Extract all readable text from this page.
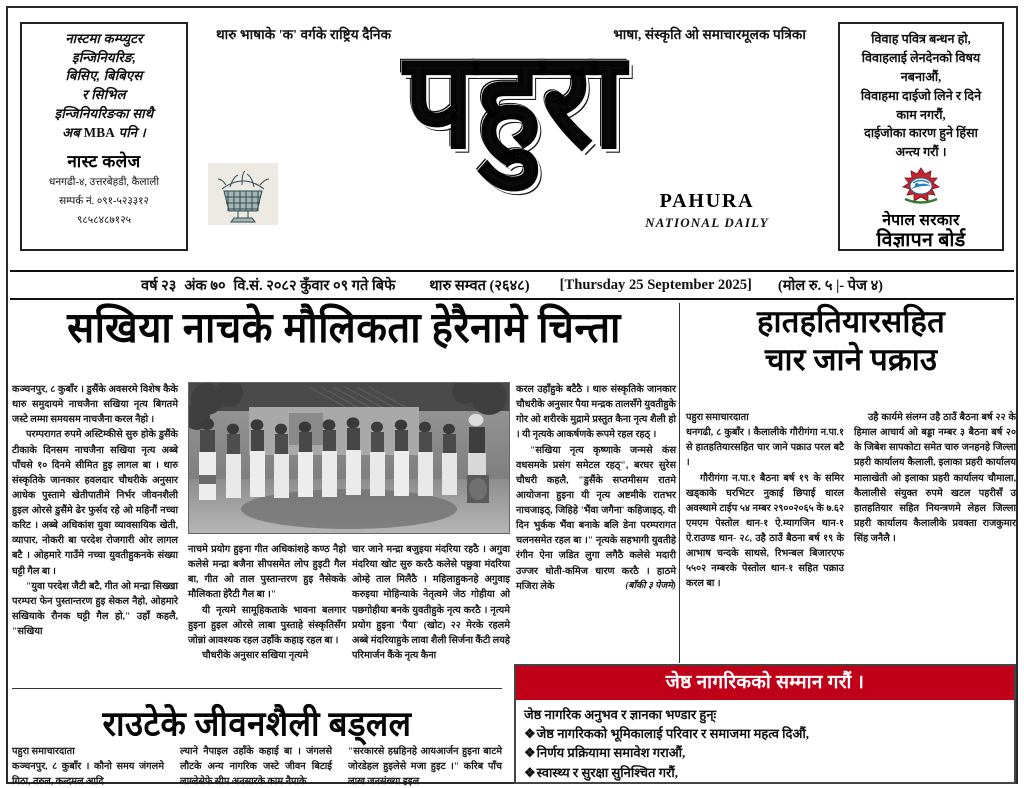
नास्टमा कम्प्युटर
इन्जिनियरिङ,
बिसिए, बिबिएस
र सिभिल
इन्जिनियरिङका साथै
अब MBA पनि ।
नास्ट कलेज
धनगढी-४, उत्तरबेहडी, कैलाली
सम्पर्क नं. ०९१-५२३३१२
९८५८४८७१२५
थारु भाषाके 'क' वर्गके राष्ट्रिय दैनिक	भाषा, संस्कृति ओ समाचारमूलक पत्रिका
पहुरा
PAHURA
NATIONAL DAILY
विवाह पवित्र बन्धन हो,
विवाहलाई लेनदेनको विषय
नबनाऔं,
विवाहमा दाईजो लिने र दिने
काम नगरौं,
दाईजोका कारण हुने हिंसा
अन्त्य गरौं ।
नेपाल सरकार
विज्ञापन बोर्ड
वर्ष २३
अंक ७०
वि.सं. २०८२ कुँवार ०९ गते बिफे थारु सम्वत (२६४८) [Thursday 25 September 2025] (मोल रु. ५ |- पेज ४)
सखिया नाचके मौलिकता हेरैनामे चिन्ता	हातहतियारसहित
चार जाने पक्राउ

कञ्चनपुर, ८ कुबाँर । डुसैंके अवसरमे विशेष कैके थारु समुदायमे नाचजैना सखिया नृत्य बिगतमे जस्टे लम्मा समयसम नाचजैना करल नैहो ।

परम्परागत रुपमे अस्टिम्कीसे सुरु होके डुसैंके टीकाके दिनसम नाचजैना सखिया नृत्य अब्बे पाँचसे १० दिनमे सीमित हुइ लागल बा । थारु संस्कृतिके जानकार हवलदार चौधरीके अनुसार आधेक पुस्तामे खेतीपातीमे निर्भर जीवनशैली हुइल ओरसे डुसैंमे ढेर फुर्सद रहे ओ महिनौं नच्चा करिट । अब्बे अधिकांश युवा व्यावसायिक खेती, व्यापार, नोकरी बा परदेश रोजगारी ओर लागल बटै । ओहमारे गाउँमे नच्चा युवतीहुकनके संख्या घट्टी गैल बा ।

"युवा परदेश जैटी बटै, गीत ओ मन्द्रा सिख्खा परम्परा फेन पुस्तान्तरण हुइ सेकल नैहो, ओहमारे सखियाके रौनक घट्टी गैल हो," उहाँ कहलै, "सखिया

नाचमे प्रयोग हुइना गीत अधिकांशहे कण्ठ नैहो कलेसे मन्द्रा बजैना सीपसमेत लोप हुइटी गैल बा, गीत ओ ताल पुस्तान्तरण हुइ नैसेकके मौलिकता हेरैटी गैल बा ।"

यी नृत्यमे सामूहिकताके भावना बलगार हुइना हुइल ओरसे लाबा पुस्ताहे संस्कृतिसँग जोन्नां आवश्यक रहल उहाँके कहाइ रहल बा ।

चौधरीके अनुसार सखिया नृत्यमे

चार जाने मन्द्रा बजुइया मंदरिया रहठै । अगुवा मंदरिया खोट सुरु करठै कलेसे पछुवा मंदरिया ओम्हे ताल मिलैठै । महिलाहुकनहे अगुवाइ करुइया मोहिन्याके नेतृत्वमे जेठ गोहीया ओ पछगोहीया बनके युवतीहुके नृत्य करठै । नृत्यमे प्रयोग हुइना 'पैया' (खोट) २२ मेरके रहलमे अब्बे मंदरियाहुके लावा शैली सिर्जना कैंटी लयहे परिमार्जन कैंके नृत्य कैना

करल उहाँहुके बटैठै । थारु संस्कृतिके जानकार चौधरीके अनुसार पैया मन्द्रक तालसँगे युवतीहुके गोर ओ शरीरके मुद्रामे प्रस्तुत कैना नृत्य शैली हो । यी नृत्यके आकर्षणके रूपमे रहल रहठ् ।

"सखिया नृत्य कृष्णाके जन्मसे कंस वधसमके प्रसंग समेटल रहठ्", बरघर सुरेस चौधरी कहलै, "डुसैंके सप्तमीसम रातमे आयोजना हुइना यी नृत्य अष्टमीके रातभर नाचजाइठ्, जिहिहे 'भैंवा जगैना' कहिजाइठ्, यी दिन भुर्कक भैंवा बनाके बलि डेना परम्परागत चलनसमेत रहल बा ।" नृत्यके सहभागी युवतीहे रंगीन ऐना जडित लुगा लगैठै कलेसे मदारी उज्जर धोती-कमिज धारण करठै । हाठमे मजिरा लेके	(बाँकी ३ पेजमे)

पहुरा समाचारदाता

धनगढी, ८ कुबाँर । कैलालीके गौरीगंगा न.पा.१ से हातहतियारसहित चार जाने पक्राउ परल बटै ।

गौरीगंगा न.पा.१ बैठना बर्ष १९ के समिर खड्काके घरभिटर नुकाई छिपाई धारल अवस्थामे टाईप ५४ नम्बर २९००२०६५ के ७.६२ एमएम पेस्तोल थान-१ ऐ.म्यागजिन थान-१ ऐ.राउण्ड थान- २८, उहै ठाउँ बैठना बर्ष १९ के आभाष चन्दके साथसे, रिभन्बल बिजारएफ ५५०२ नम्बरके पेस्तोल थान-१ सहित पक्राउ करल बा ।

उहै कार्यमे संलग्न उहै ठाउँ बैठना बर्ष २२ के हिमाल आचार्य ओ बड्डा नम्बर ३ बैठना बर्ष २० के जिबेश सापकोटा समेत चारु जनहनहे जिल्ला प्रहरी कार्यालय कैलाली, इलाका प्रहरी कार्यालय मालाखेती ओ इलाका प्रहरी कार्यालय चौमाला, कैलालीसे संयुक्त रुपमे खटल पहरीसँ उ हातहतियार सहित नियन्त्रणमे लेहल जिल्ला प्रहरी कार्यालय कैलालीके प्रवक्ता राजकुमार सिंह जनैलै ।

राउटेके जीवनशैली बड्लल

पहुरा समाचारदाता

कञ्चनपुर, ८ कुबाँर । कौनो समय जंगलमे गिठा, तरुल, कन्दमल आदि

ल्याने नैपाइल उहाँके कहाई बा । जंगलसे लौटके अन्य नागरिक जस्टे जीवन बिटाई लाग्लेसेफे सीप अनसारके काम नैपाके

"सरकारसे हम्रहिनहे आयआर्जन हुइना बाटमे जोरडेहल हुइलेसे मजा हुइट ।" करिब पाँच लाख जनसंख्या हइल

जेष्ठ नागरिकको सम्मान गरौं ।
जेष्ठ नागरिक अनुभव र ज्ञानका भण्डार हुन्ः
❖जेष्ठ नागरिकको भूमिकालाई परिवार र समाजमा महत्व दिऔं,
❖निर्णय प्रक्रियामा समावेश गराऔं,
❖स्वास्थ्य र सुरक्षा सुनिश्चित गरौं,
